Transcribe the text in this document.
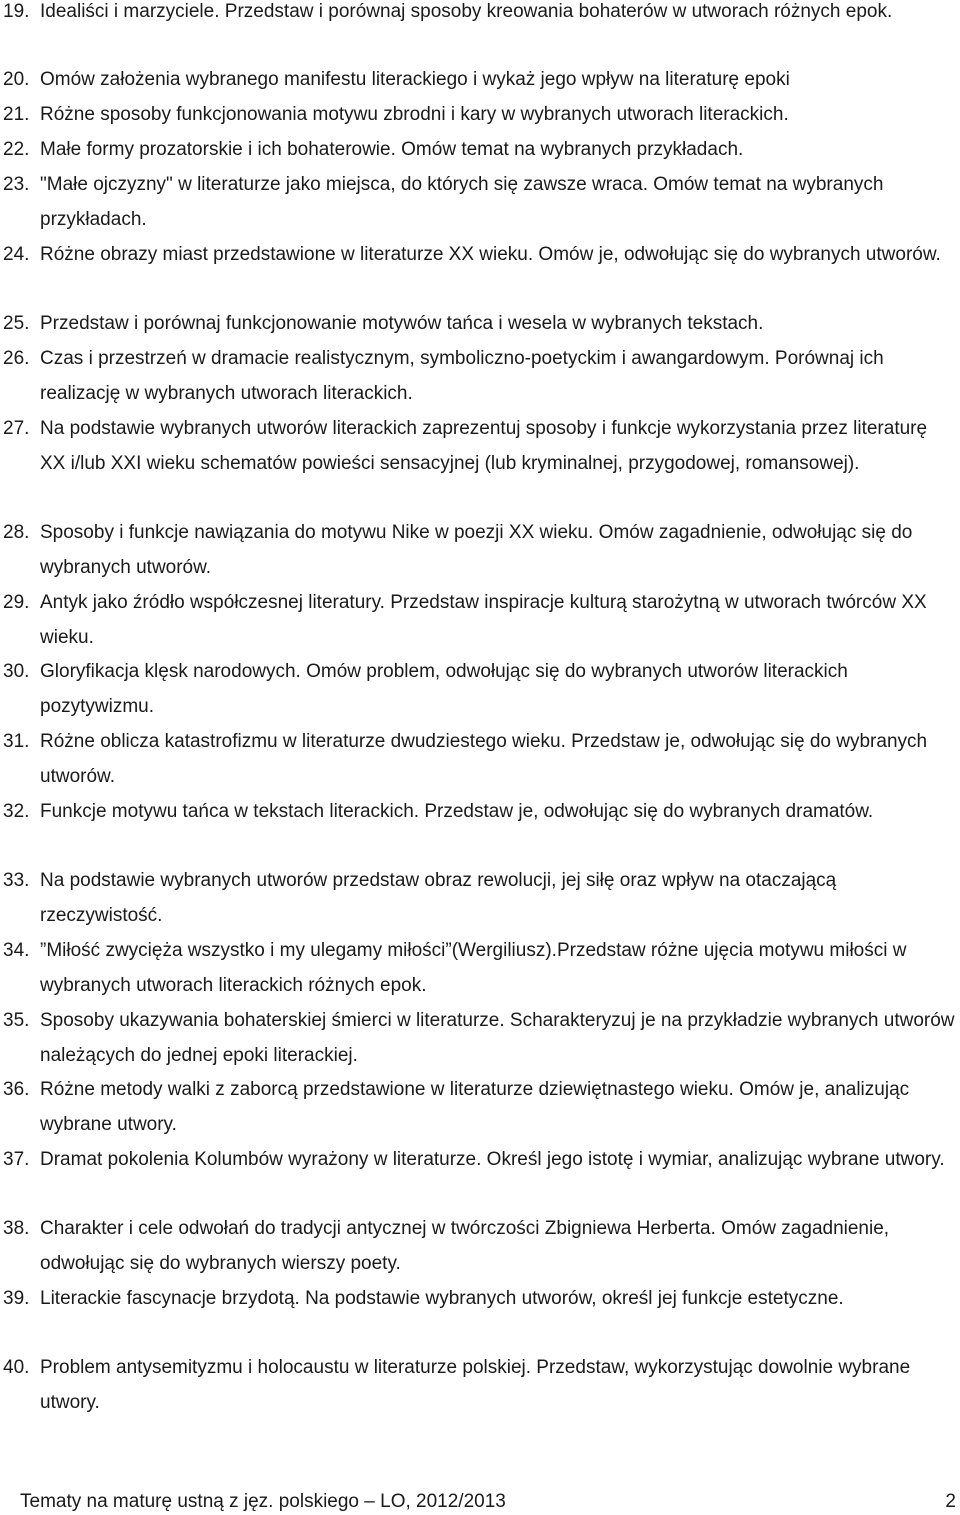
19. Idealiści i marzyciele. Przedstaw i porównaj sposoby kreowania bohaterów w utworach różnych epok.
20. Omów założenia wybranego manifestu literackiego i wykaż jego wpływ na literaturę epoki
21. Różne sposoby funkcjonowania motywu zbrodni i kary w wybranych utworach literackich.
22. Małe formy prozatorskie i ich bohaterowie. Omów temat na wybranych przykładach.
23. "Małe ojczyzny" w literaturze jako miejsca, do których się zawsze wraca. Omów temat na wybranych przykładach.
24. Różne obrazy miast przedstawione w literaturze XX wieku. Omów je, odwołując się do wybranych utworów.
25. Przedstaw i porównaj funkcjonowanie motywów tańca i wesela w wybranych tekstach.
26. Czas i przestrzeń w dramacie realistycznym, symboliczno-poetyckim i awangardowym. Porównaj ich realizację w wybranych utworach literackich.
27. Na podstawie wybranych utworów literackich zaprezentuj sposoby i funkcje wykorzystania przez literaturę XX i/lub XXI wieku schematów powieści sensacyjnej (lub kryminalnej, przygodowej, romansowej).
28. Sposoby i funkcje nawiązania do motywu Nike w poezji XX wieku. Omów zagadnienie, odwołując się do wybranych utworów.
29. Antyk jako źródło współczesnej literatury. Przedstaw inspiracje kulturą starożytną w utworach twórców XX wieku.
30. Gloryfikacja klęsk narodowych. Omów problem, odwołując się do wybranych utworów literackich pozytywizmu.
31. Różne oblicza katastrofizmu w literaturze dwudziestego wieku. Przedstaw je, odwołując się do wybranych utworów.
32. Funkcje motywu tańca w tekstach literackich. Przedstaw je, odwołując się do wybranych dramatów.
33. Na podstawie wybranych utworów przedstaw obraz rewolucji, jej siłę oraz wpływ na otaczającą rzeczywistość.
34. ”Miłość zwycięża wszystko i my ulegamy miłości”(Wergiliusz).Przedstaw różne ujęcia motywu miłości w wybranych utworach literackich różnych epok.
35. Sposoby ukazywania bohaterskiej śmierci w literaturze. Scharakteryzuj je na przykładzie wybranych utworów należących do jednej epoki literackiej.
36. Różne metody walki z zaborcą przedstawione w literaturze dziewiętnastego wieku. Omów je, analizując wybrane utwory.
37. Dramat pokolenia Kolumbów wyrażony w literaturze. Określ jego istotę i wymiar, analizując wybrane utwory.
38. Charakter i cele odwołań do tradycji antycznej w twórczości Zbigniewa Herberta. Omów zagadnienie, odwołując się do wybranych wierszy poety.
39. Literackie fascynacje brzydotą. Na podstawie wybranych utworów, określ jej funkcje estetyczne.
40. Problem antysemityzmu i holocaustu w literaturze polskiej. Przedstaw, wykorzystując dowolnie wybrane utwory.
Tematy na maturę ustną z jęz. polskiego – LO, 2012/2013	2
